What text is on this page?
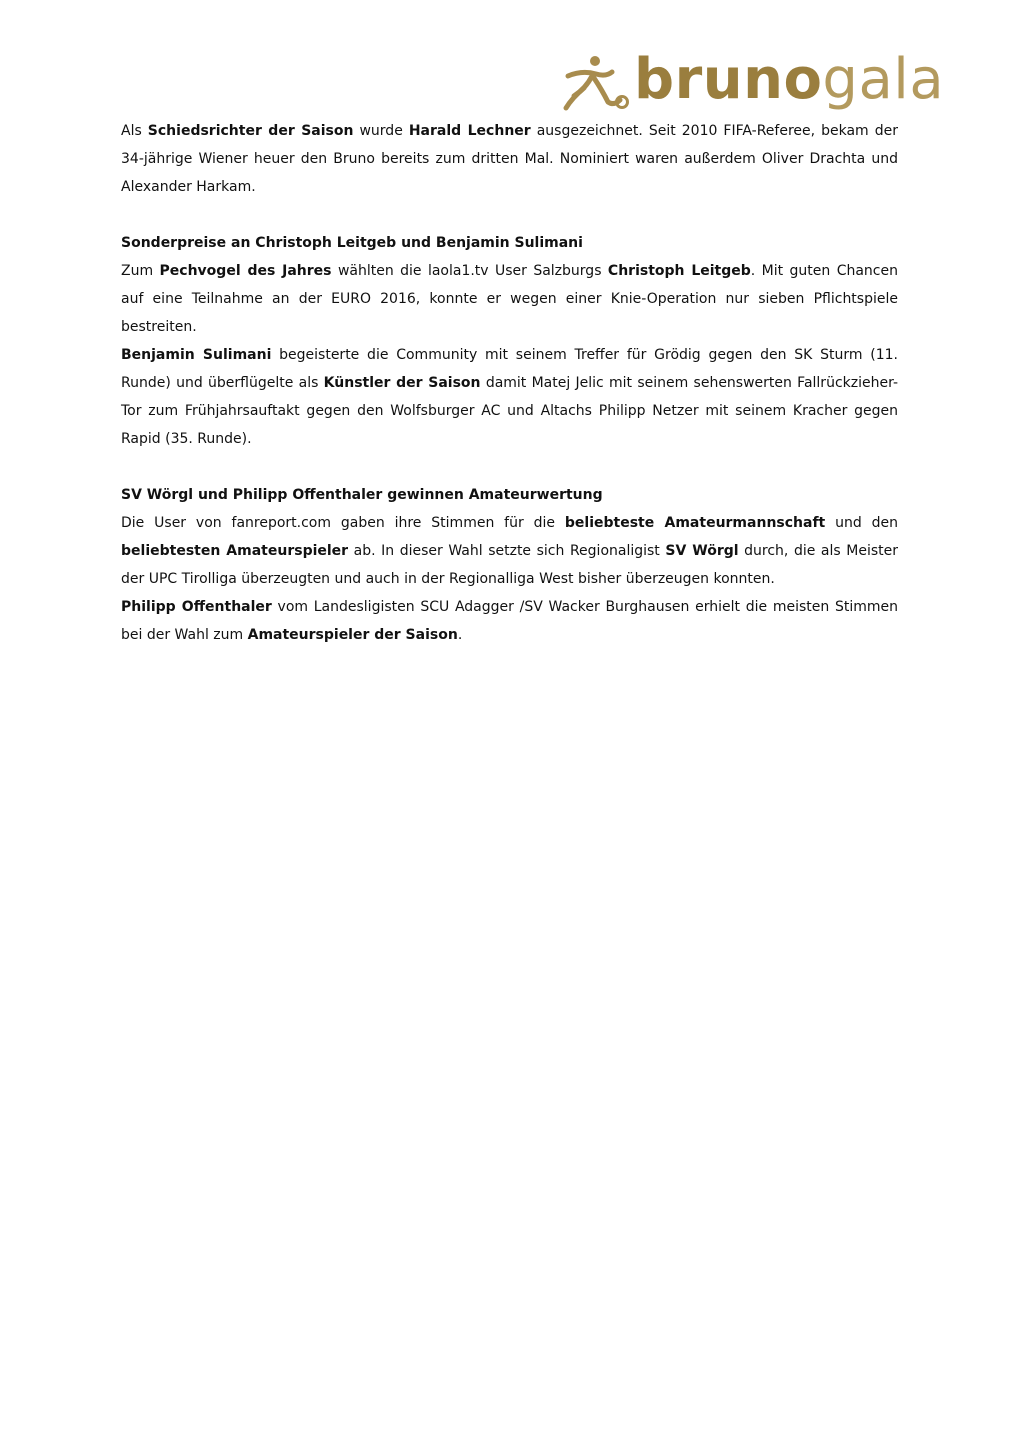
brunogala

Als Schiedsrichter der Saison wurde Harald Lechner ausgezeichnet. Seit 2010 FIFA-Referee, bekam der 34-jährige Wiener heuer den Bruno bereits zum dritten Mal. Nominiert waren außerdem Oliver Drachta und Alexander Harkam.

Sonderpreise an Christoph Leitgeb und Benjamin Sulimani

Zum Pechvogel des Jahres wählten die laola1.tv User Salzburgs Christoph Leitgeb. Mit guten Chancen auf eine Teilnahme an der EURO 2016, konnte er wegen einer Knie-Operation nur sieben Pflichtspiele bestreiten.

Benjamin Sulimani begeisterte die Community mit seinem Treffer für Grödig gegen den SK Sturm (11. Runde) und überflügelte als Künstler der Saison damit Matej Jelic mit seinem sehenswerten Fallrückzieher-Tor zum Frühjahrsauftakt gegen den Wolfsburger AC und Altachs Philipp Netzer mit seinem Kracher gegen Rapid (35. Runde).

SV Wörgl und Philipp Offenthaler gewinnen Amateurwertung

Die User von fanreport.com gaben ihre Stimmen für die beliebteste Amateurmannschaft und den beliebtesten Amateurspieler ab. In dieser Wahl setzte sich Regionaligist SV Wörgl durch, die als Meister der UPC Tirolliga überzeugten und auch in der Regionalliga West bisher überzeugen konnten.

Philipp Offenthaler vom Landesligisten SCU Adagger /SV Wacker Burghausen erhielt die meisten Stimmen bei der Wahl zum Amateurspieler der Saison.
